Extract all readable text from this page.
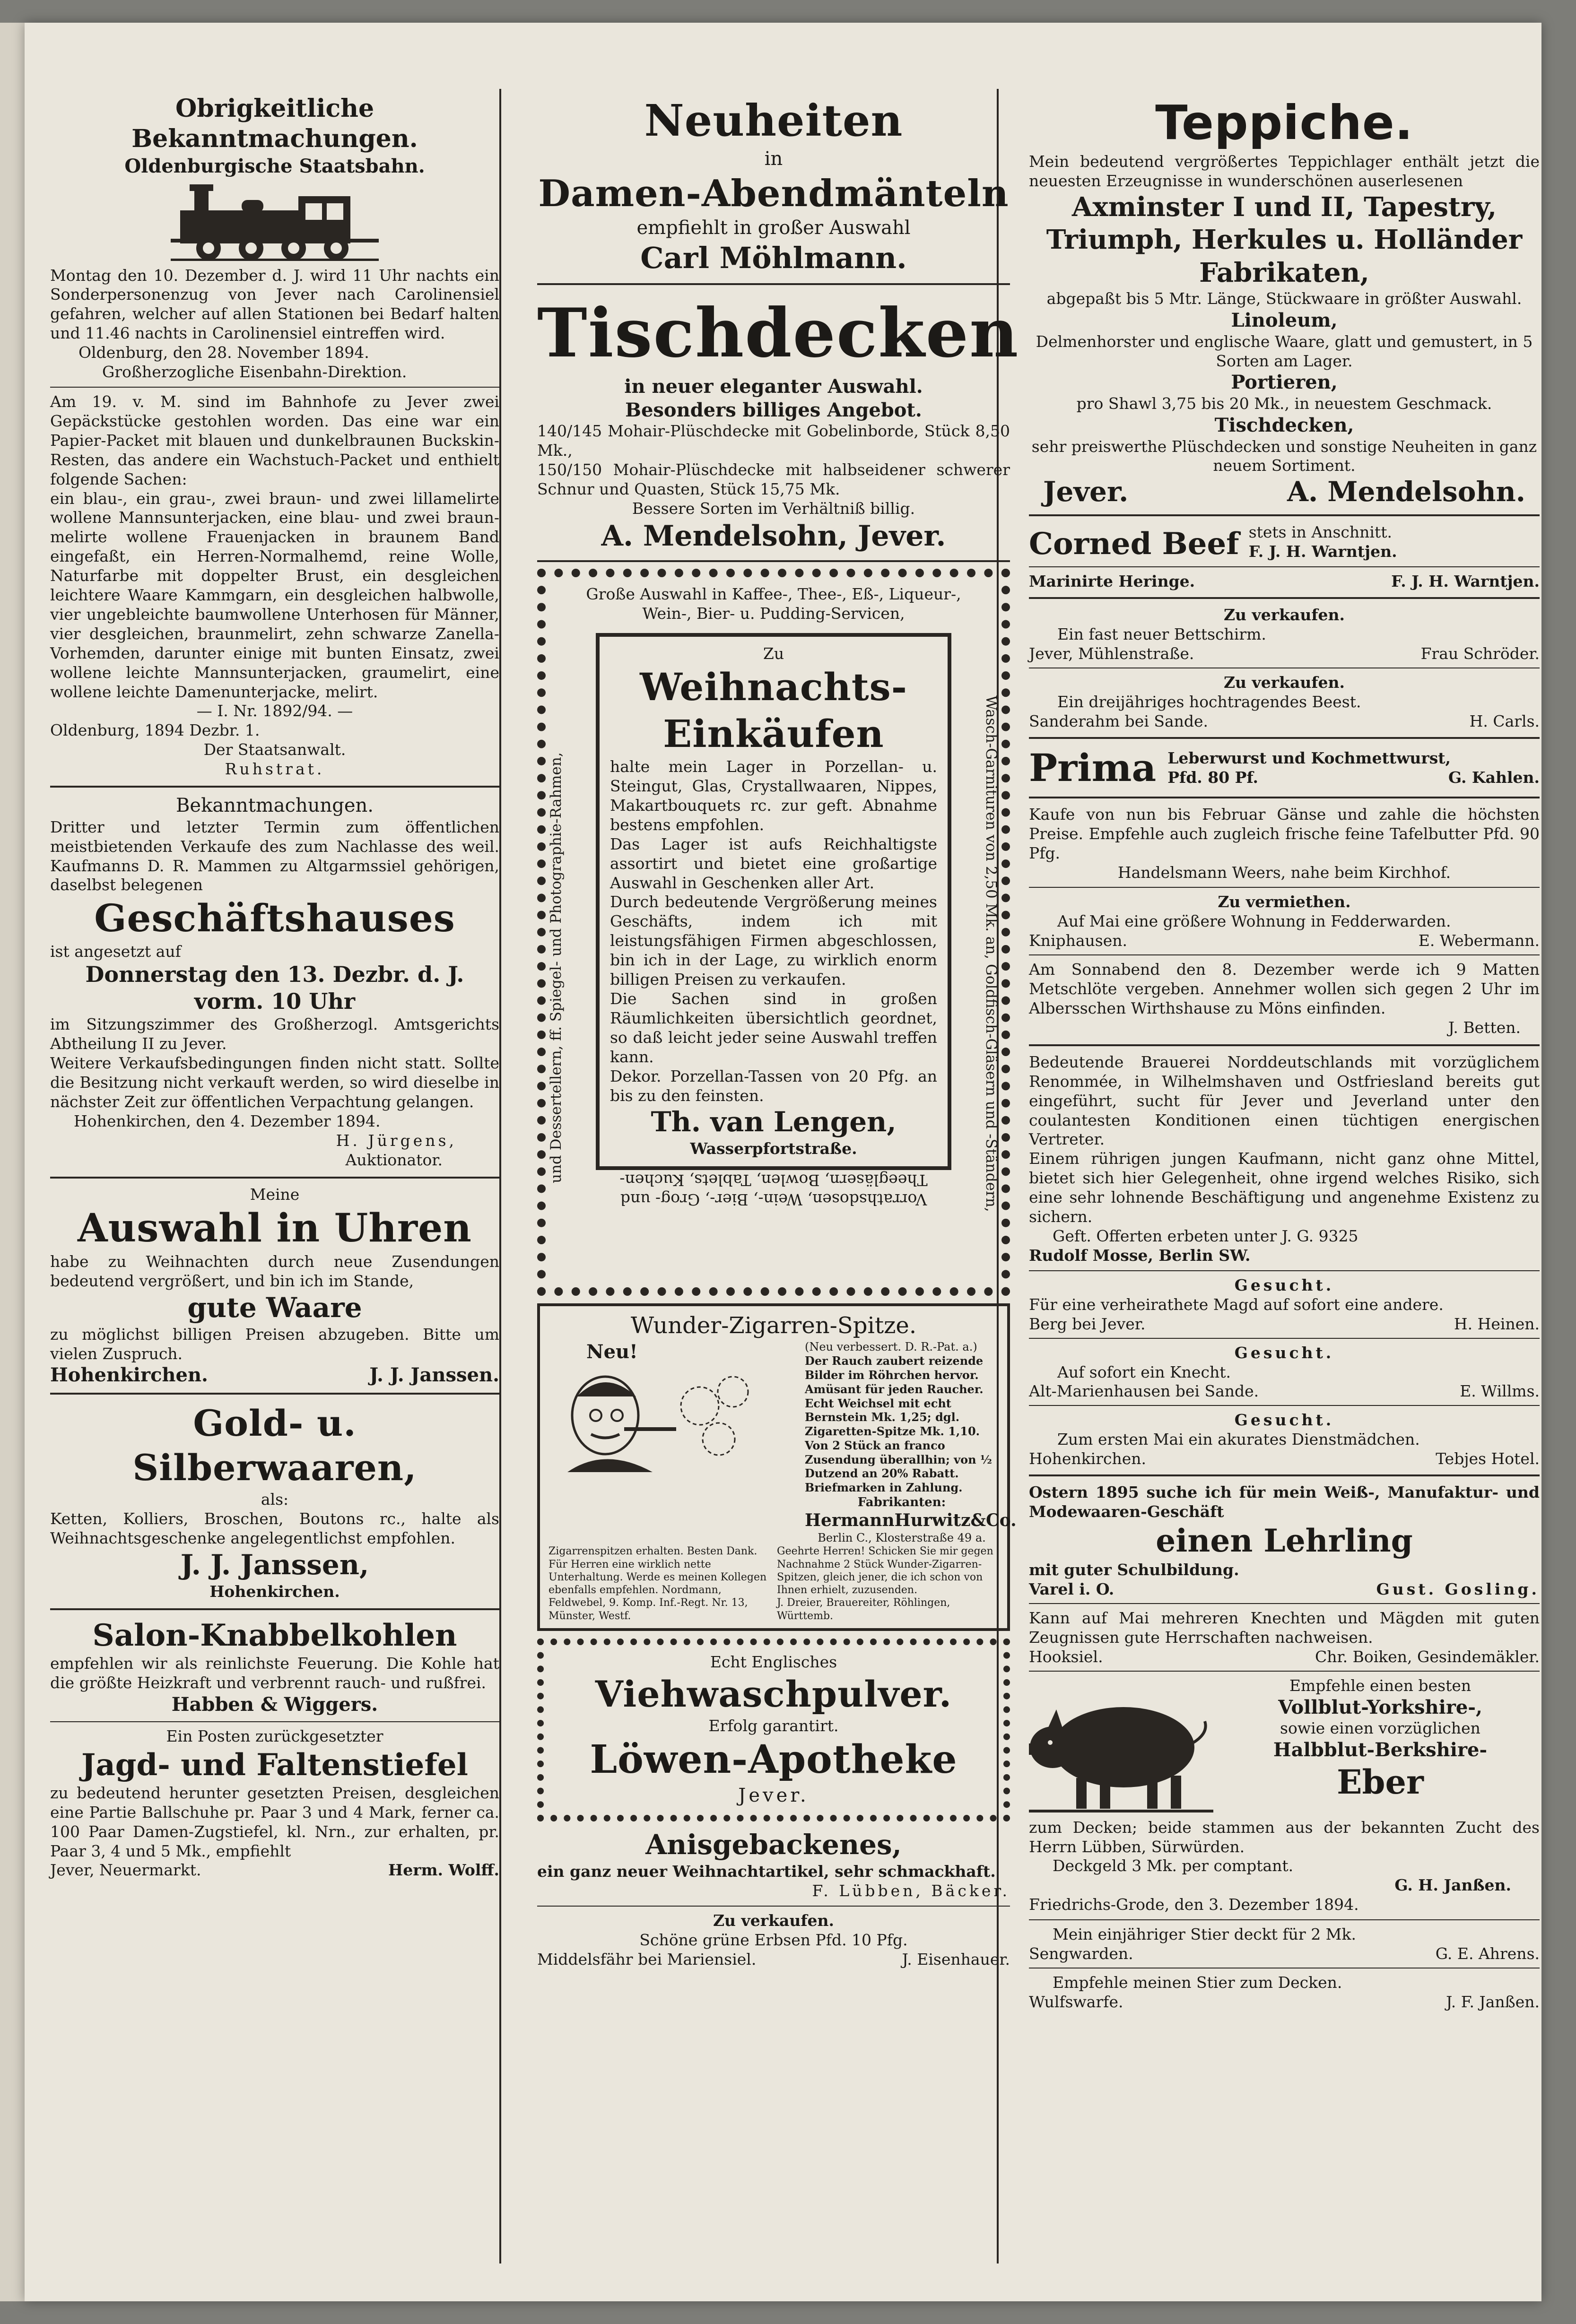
Obrigkeitliche Bekanntmachungen.

Oldenburgische Staatsbahn.

Montag den 10. Dezember d. J. wird 11 Uhr nachts ein Sonderpersonenzug von Jever nach Carolinensiel gefahren, welcher auf allen Stationen bei Bedarf halten und 11.46 nachts in Carolinensiel eintreffen wird.

Oldenburg, den 28. November 1894.

Großherzogliche Eisenbahn-Direktion.

Am 19. v. M. sind im Bahnhofe zu Jever zwei Gepäckstücke gestohlen worden. Das eine war ein Papier-Packet mit blauen und dunkelbraunen Buckskin-Resten, das andere ein Wachstuch-Packet und enthielt folgende Sachen:

ein blau-, ein grau-, zwei braun- und zwei lillamelirte wollene Mannsunterjacken, eine blau- und zwei braun-melirte wollene Frauenjacken in braunem Band eingefaßt, ein Herren-Normalhemd, reine Wolle, Naturfarbe mit doppelter Brust, ein desgleichen leichtere Waare Kammgarn, ein desgleichen halbwolle, vier ungebleichte baumwollene Unterhosen für Männer, vier desgleichen, braunmelirt, zehn schwarze Zanella-Vorhemden, darunter einige mit bunten Einsatz, zwei wollene leichte Mannsunterjacken, graumelirt, eine wollene leichte Damenunterjacke, melirt.

— I. Nr. 1892/94. —

Oldenburg, 1894 Dezbr. 1.

Der Staatsanwalt.

Ruhstrat.

Bekanntmachungen.

Dritter und letzter Termin zum öffentlichen meistbietenden Verkaufe des zum Nachlasse des weil. Kaufmanns D. R. Mammen zu Altgarmssiel gehörigen, daselbst belegenen

Geschäftshauses

ist angesetzt auf

Donnerstag den 13. Dezbr. d. J.

vorm. 10 Uhr

im Sitzungszimmer des Großherzogl. Amtsgerichts Abtheilung II zu Jever.

Weitere Verkaufsbedingungen finden nicht statt. Sollte die Besitzung nicht verkauft werden, so wird dieselbe in nächster Zeit zur öffentlichen Verpachtung gelangen.

Hohenkirchen, den 4. Dezember 1894.

H. Jürgens,

Auktionator.

Meine

Auswahl in Uhren

habe zu Weihnachten durch neue Zusendungen bedeutend vergrößert, und bin ich im Stande,

gute Waare

zu möglichst billigen Preisen abzugeben. Bitte um vielen Zuspruch.

Hohenkirchen.	J. J. Janssen.

Gold- u. Silberwaaren,

als:

Ketten, Kolliers, Broschen, Boutons rc., halte als Weihnachtsgeschenke angelegentlichst empfohlen.

J. J. Janssen,

Hohenkirchen.

Salon-Knabbelkohlen

empfehlen wir als reinlichste Feuerung. Die Kohle hat die größte Heizkraft und verbrennt rauch- und rußfrei.

Habben & Wiggers.

Ein Posten zurückgesetzter

Jagd- und Faltenstiefel

zu bedeutend herunter gesetzten Preisen, desgleichen eine Partie Ballschuhe pr. Paar 3 und 4 Mark, ferner ca. 100 Paar Damen-Zugstiefel, kl. Nrn., zur erhalten, pr. Paar 3, 4 und 5 Mk., empfiehlt

Jever, Neuermarkt.	Herm. Wolff.

Neuheiten

in

Damen-Abendmänteln

empfiehlt in großer Auswahl

Carl Möhlmann.

Tischdecken

in neuer eleganter Auswahl.

Besonders billiges Angebot.

140/145 Mohair-Plüschdecke mit Gobelinborde, Stück 8,50 Mk.,

150/150 Mohair-Plüschdecke mit halbseidener schwerer Schnur und Quasten, Stück 15,75 Mk.

Bessere Sorten im Verhältniß billig.

A. Mendelsohn, Jever.

Große Auswahl in Kaffee-, Thee-, Eß-, Liqueur-, Wein-, Bier- u. Pudding-Servicen,

und Dessertellern, ff. Spiegel- und Photographie-Rahmen,	Wasch-Garnituren von 2,50 Mk. an, Goldfisch-Gläsern und -Ständern,

Zu

Weihnachts-

Einkäufen

halte mein Lager in Porzellan- u. Steingut, Glas, Crystallwaaren, Nippes, Makartbouquets rc. zur geft. Abnahme bestens empfohlen.

Das Lager ist aufs Reichhaltigste assortirt und bietet eine großartige Auswahl in Geschenken aller Art.

Durch bedeutende Vergrößerung meines Geschäfts, indem ich mit leistungsfähigen Firmen abgeschlossen, bin ich in der Lage, zu wirklich enorm billigen Preisen zu verkaufen.

Die Sachen sind in großen Räumlichkeiten übersichtlich geordnet, so daß leicht jeder seine Auswahl treffen kann.

Dekor. Porzellan-Tassen von 20 Pfg. an bis zu den feinsten.

Th. van Lengen,

Wasserpfortstraße.

Vorrathsdosen, Wein-, Bier-, Grog- und Theegläsern, Bowlen, Tablets, Kuchen-

Wunder-Zigarren-Spitze.

Neu!	(Neu verbessert. D. R.-Pat. a.)

Der Rauch zaubert reizende Bilder im Röhrchen hervor. Amüsant für jeden Raucher. Echt Weichsel mit echt Bernstein Mk. 1,25; dgl. Zigaretten-Spitze Mk. 1,10. Von 2 Stück an franco Zusendung überallhin; von ½ Dutzend an 20% Rabatt. Briefmarken in Zahlung.

Fabrikanten:

HermannHurwitz&Co.

Berlin C., Klosterstraße 49 a.

Zigarrenspitzen erhalten. Besten Dank. Für Herren eine wirklich nette Unterhaltung. Werde es meinen Kollegen ebenfalls empfehlen. Nordmann, Feldwebel, 9. Komp. Inf.-Regt. Nr. 13, Münster, Westf.

Geehrte Herren! Schicken Sie mir gegen Nachnahme 2 Stück Wunder-Zigarren-Spitzen, gleich jener, die ich schon von Ihnen erhielt, zuzusenden.

J. Dreier, Brauereiter, Röhlingen, Württemb.

Echt Englisches

Viehwaschpulver.

Erfolg garantirt.

Löwen-Apotheke

Jever.

Anisgebackenes,

ein ganz neuer Weihnachtartikel, sehr schmackhaft.

F. Lübben, Bäcker.

Zu verkaufen.

Schöne grüne Erbsen Pfd. 10 Pfg.

Middelsfähr bei Mariensiel.	J. Eisenhauer.

Teppiche.

Mein bedeutend vergrößertes Teppichlager enthält jetzt die neuesten Erzeugnisse in wunderschönen auserlesenen

Axminster I und II, Tapestry, Triumph, Herkules u. Holländer Fabrikaten,

abgepaßt bis 5 Mtr. Länge, Stückwaare in größter Auswahl.

Linoleum,

Delmenhorster und englische Waare, glatt und gemustert, in 5 Sorten am Lager.

Portieren,

pro Shawl 3,75 bis 20 Mk., in neuestem Geschmack.

Tischdecken,

sehr preiswerthe Plüschdecken und sonstige Neuheiten in ganz neuem Sortiment.

Jever.	A. Mendelsohn.
Corned Beef stets in Anschnitt.

F. J. H. Warntjen.

Marinirte Heringe.	F. J. H. Warntjen.

Zu verkaufen.

Ein fast neuer Bettschirm.

Jever, Mühlenstraße.	Frau Schröder.

Zu verkaufen.

Ein dreijähriges hochtragendes Beest.

Sanderahm bei Sande.	H. Carls.
Prima Leberwurst und Kochmettwurst,

Pfd. 80 Pf.	G. Kahlen.

Kaufe von nun bis Februar Gänse und zahle die höchsten Preise. Empfehle auch zugleich frische feine Tafelbutter Pfd. 90 Pfg.

Handelsmann Weers, nahe beim Kirchhof.

Zu vermiethen.

Auf Mai eine größere Wohnung in Fedderwarden.

Kniphausen.	E. Webermann.

Am Sonnabend den 8. Dezember werde ich 9 Matten Metschlöte vergeben. Annehmer wollen sich gegen 2 Uhr im Albersschen Wirthshause zu Möns einfinden.

J. Betten.

Bedeutende Brauerei Norddeutschlands mit vorzüglichem Renommée, in Wilhelmshaven und Ostfriesland bereits gut eingeführt, sucht für Jever und Jeverland unter den coulantesten Konditionen einen tüchtigen energischen Vertreter.

Einem rührigen jungen Kaufmann, nicht ganz ohne Mittel, bietet sich hier Gelegenheit, ohne irgend welches Risiko, sich eine sehr lohnende Beschäftigung und angenehme Existenz zu sichern.

Geft. Offerten erbeten unter J. G. 9325

Rudolf Mosse, Berlin SW.

Gesucht.

Für eine verheirathete Magd auf sofort eine andere.

Berg bei Jever.	H. Heinen.

Gesucht.

Auf sofort ein Knecht.

Alt-Marienhausen bei Sande.	E. Willms.

Gesucht.

Zum ersten Mai ein akurates Dienstmädchen.

Hohenkirchen.	Tebjes Hotel.

Ostern 1895 suche ich für mein Weiß-, Manufaktur- und Modewaaren-Geschäft

einen Lehrling

mit guter Schulbildung.

Varel i. O.	Gust. Gosling.

Kann auf Mai mehreren Knechten und Mägden mit guten Zeugnissen gute Herrschaften nachweisen.

Hooksiel.	Chr. Boiken, Gesindemäkler.

Empfehle einen besten

Vollblut-Yorkshire-,

sowie einen vorzüglichen

Halbblut-Berkshire-

Eber

zum Decken; beide stammen aus der bekannten Zucht des Herrn Lübben, Sürwürden.

Deckgeld 3 Mk. per comptant.

G. H. Janßen.

Friedrichs-Grode, den 3. Dezember 1894.

Mein einjähriger Stier deckt für 2 Mk.

Sengwarden.	G. E. Ahrens.

Empfehle meinen Stier zum Decken.

Wulfswarfe.	J. F. Janßen.
